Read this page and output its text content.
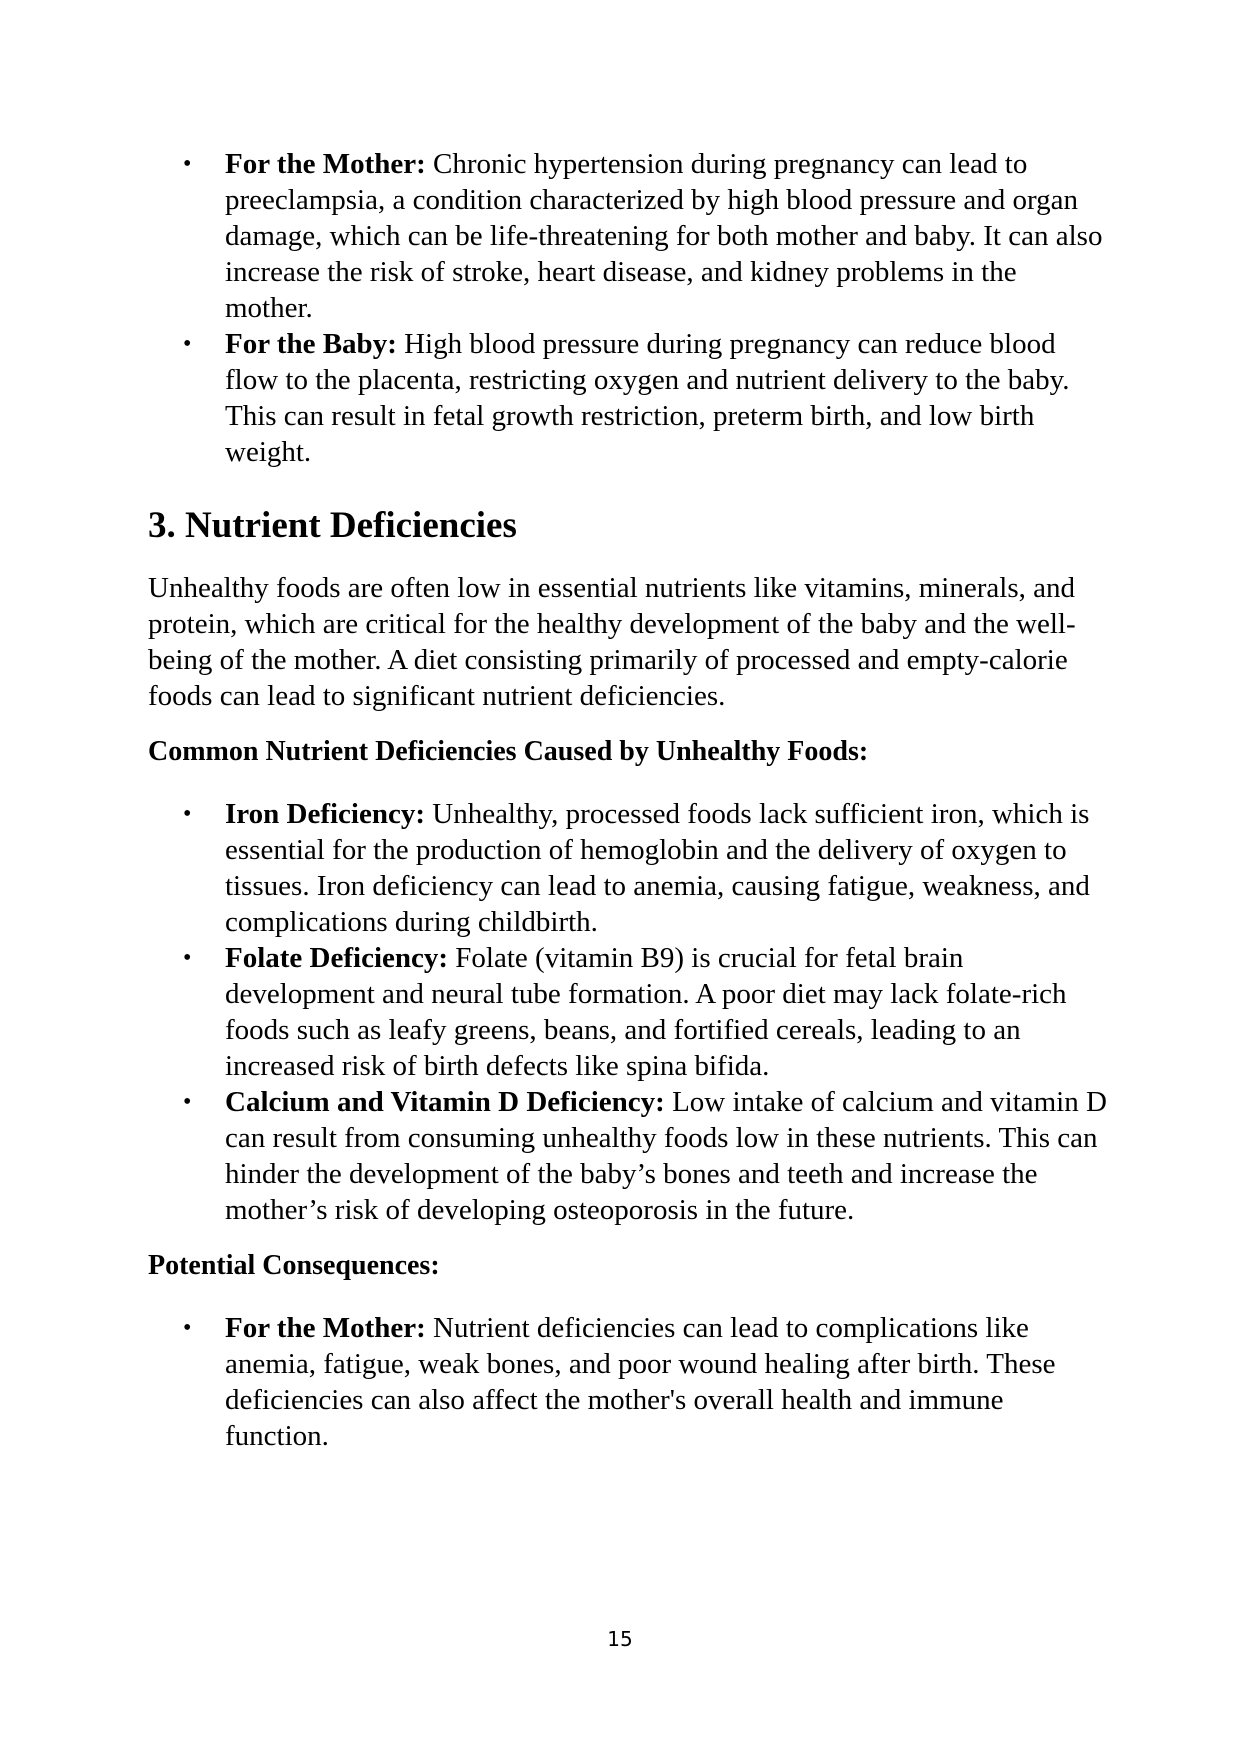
• For the Mother: Chronic hypertension during pregnancy can lead to preeclampsia, a condition characterized by high blood pressure and organ damage, which can be life-threatening for both mother and baby. It can also increase the risk of stroke, heart disease, and kidney problems in the mother.
• For the Baby: High blood pressure during pregnancy can reduce blood flow to the placenta, restricting oxygen and nutrient delivery to the baby. This can result in fetal growth restriction, preterm birth, and low birth weight.
3. Nutrient Deficiencies

Unhealthy foods are often low in essential nutrients like vitamins, minerals, and protein, which are critical for the healthy development of the baby and the well-being of the mother. A diet consisting primarily of processed and empty-calorie foods can lead to significant nutrient deficiencies.

Common Nutrient Deficiencies Caused by Unhealthy Foods:
• Iron Deficiency: Unhealthy, processed foods lack sufficient iron, which is essential for the production of hemoglobin and the delivery of oxygen to tissues. Iron deficiency can lead to anemia, causing fatigue, weakness, and complications during childbirth.
• Folate Deficiency: Folate (vitamin B9) is crucial for fetal brain development and neural tube formation. A poor diet may lack folate-rich foods such as leafy greens, beans, and fortified cereals, leading to an increased risk of birth defects like spina bifida.
• Calcium and Vitamin D Deficiency: Low intake of calcium and vitamin D can result from consuming unhealthy foods low in these nutrients. This can hinder the development of the baby’s bones and teeth and increase the mother’s risk of developing osteoporosis in the future.
Potential Consequences:
• For the Mother: Nutrient deficiencies can lead to complications like anemia, fatigue, weak bones, and poor wound healing after birth. These deficiencies can also affect the mother's overall health and immune function.
15
